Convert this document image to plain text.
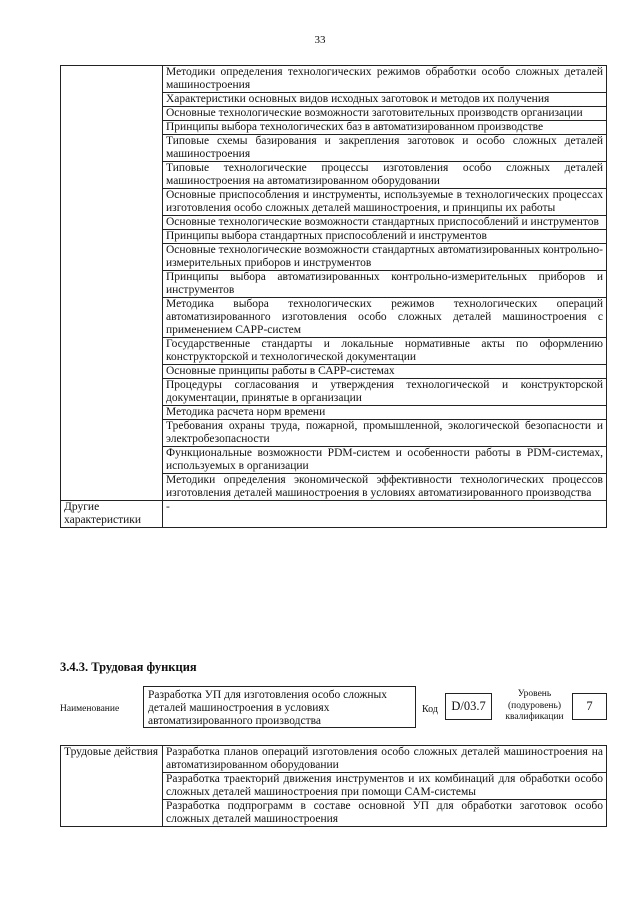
33
	Методики определения технологических режимов обработки особо сложных деталей машиностроения
	Характеристики основных видов исходных заготовок и методов их получения
	Основные технологические возможности заготовительных производств организации
	Принципы выбора технологических баз в автоматизированном производстве
	Типовые схемы базирования и закрепления заготовок и особо сложных деталей машиностроения
	Типовые технологические процессы изготовления особо сложных деталей машиностроения на автоматизированном оборудовании
	Основные приспособления и инструменты, используемые в технологических процессах изготовления особо сложных деталей машиностроения, и принципы их работы
	Основные технологические возможности стандартных приспособлений и инструментов
	Принципы выбора стандартных приспособлений и инструментов
	Основные технологические возможности стандартных автоматизированных контрольно-измерительных приборов и инструментов
	Принципы выбора автоматизированных контрольно-измерительных приборов и инструментов
	Методика выбора технологических режимов технологических операций автоматизированного изготовления особо сложных деталей машиностроения с применением САPP-систем
	Государственные стандарты и локальные нормативные акты по оформлению конструкторской и технологической документации
	Основные принципы работы в САPP-системах
	Процедуры согласования и утверждения технологической и конструкторской документации, принятые в организации
	Методика расчета норм времени
	Требования охраны труда, пожарной, промышленной, экологической безопасности и электробезопасности
	Функциональные возможности PDM-систем и особенности работы в PDM-системах, используемых в организации
	Методики определения экономической эффективности технологических процессов изготовления деталей машиностроения в условиях автоматизированного производства
Другие характеристики	-
3.4.3. Трудовая функция
Наименование
Разработка УП для изготовления особо сложных деталей машиностроения в условиях автоматизированного производства
Код	D/03.7
Уровень (подуровень) квалификации
7
Трудовые действия	Разработка планов операций изготовления особо сложных деталей машиностроения на автоматизированном оборудовании
Разработка траекторий движения инструментов и их комбинаций для обработки особо сложных деталей машиностроения при помощи CAM-системы
Разработка подпрограмм в составе основной УП для обработки заготовок особо сложных деталей машиностроения
